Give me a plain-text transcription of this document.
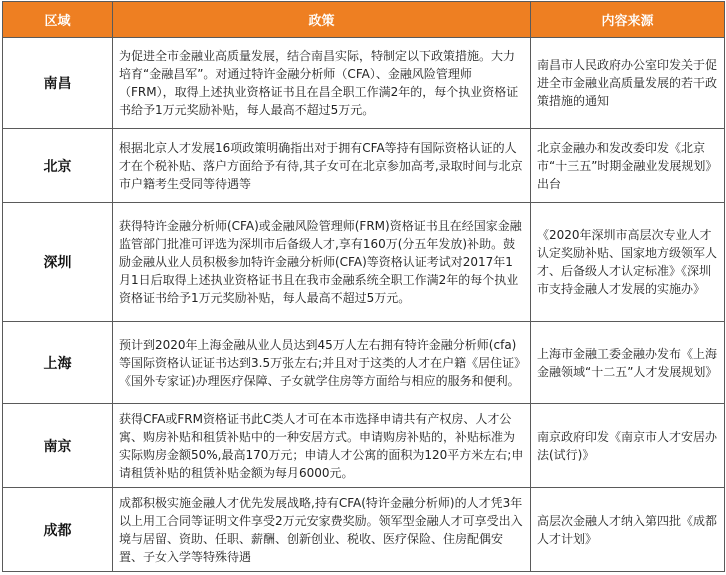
区域	政策	内容来源
南昌	为促进全市金融业高质量发展，结合南昌实际，特制定以下政策措施。大力培育“金融昌军”。对通过特许金融分析师（CFA）、金融风险管理师（FRM），取得上述执业资格证书且在昌全职工作满2年的，每个执业资格证书给予1万元奖励补贴，每人最高不超过5万元。	南昌市人民政府办公室印发关于促进全市金融业高质量发展的若干政策措施的通知
北京	根据北京人才发展16项政策明确指出对于拥有CFA等持有国际资格认证的人才在个税补贴、落户方面给予有待,其子女可在北京参加高考,录取时间与北京市户籍考生受同等待遇等	北京金融办和发改委印发《北京市“十三五”时期金融业发展规划》出台
深圳	获得特许金融分析师(CFA)或金融风险管理师(FRM)资格证书且在经国家金融监管部门批准可评选为深圳市后备级人才,享有160万(分五年发放)补助。鼓励金融从业人员积极参加特许金融分析师(CFA)等资格认证考试对2017年1月1日后取得上述执业资格证书且在我市金融系统全职工作满2年的每个执业资格证书给予1万元奖励补贴，每人最高不超过5万元。	《2020年深圳市高层次专业人才认定奖励补贴、国家地方级领军人才、后备级人才认定标准》《深圳市支持金融人才发展的实施办》
上海	预计到2020年上海金融从业人员达到45万人左右拥有特许金融分析师(cfa)等国际资格认证证书达到3.5万张左右;并且对于这类的人才在户籍《居住证》《国外专家证)办理医疗保障、子女就学住房等方面给与相应的服务和便利。	上海市金融工委金融办发布《上海金融领域“十二五”人才发展规划》
南京	获得CFA或FRM资格证书此C类人才可在本市选择申请共有产权房、人才公寓、购房补贴和租赁补贴中的一种安居方式。申请购房补贴的，补贴标准为实际购房金额50%,最高170万元；申请人才公寓的面积为120平方米左右;申请租赁补贴的租赁补贴金额为每月6000元。	南京政府印发《南京市人才安居办法(试行)》
成都	成都积极实施金融人才优先发展战略,持有CFA(特许金融分析师)的人才凭3年以上用工合同等证明文件享受2万元安家费奖励。领军型金融人才可享受出入境与居留、资助、任职、薪酬、创新创业、税收、医疗保险、住房配偶安置、子女入学等特殊待遇	高层次金融人才纳入第四批《成都人才计划》
